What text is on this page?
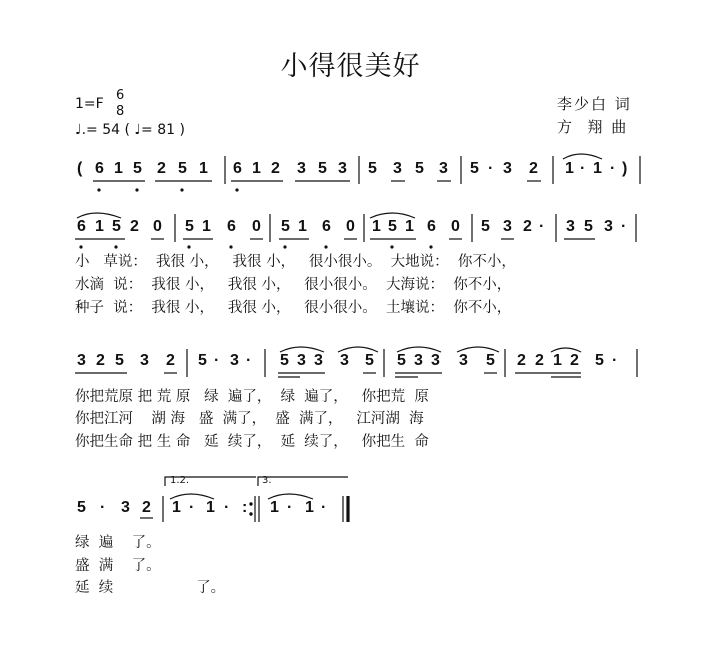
小得很美好
1=F
6
8
♩.= 54 ( ♩= 81 )
李少白 词
方  翔 曲
( 6 1 5 2 5 1 6 1 2 3 5 3 5 3 5 3 5 · 3 2 1 · 1 · )
6 1 5 2 0 5 1 6 0 5 1 6 0 1 5 1 6 0 5 3 2 · 3 5 3 ·
3 2 5 3 2 5 · 3 · 5 3 3 3 5 5 3 3 3 5 2 2 1 2 5 ·
5 · 3 2 1 · 1 · : 1 · 1 ·
小   草说：  我很 小，   我很 小，   很小很小。  大地说：  你不小，
水滴  说：  我很 小，   我很 小，   很小很小。  大海说：  你不小，
种子  说：  我很 小，   我很 小，   很小很小。  土壤说：  你不小，
你把荒原 把 荒 原   绿  遍了，  绿  遍了，   你把荒  原
你把江河    湖 海   盛  满了，  盛  满了，   江河湖  海
你把生命 把 生 命   延  续了，  延  续了，   你把生  命
绿  遍    了。
盛  满    了。
延  续                  了。
1.2.	3.
